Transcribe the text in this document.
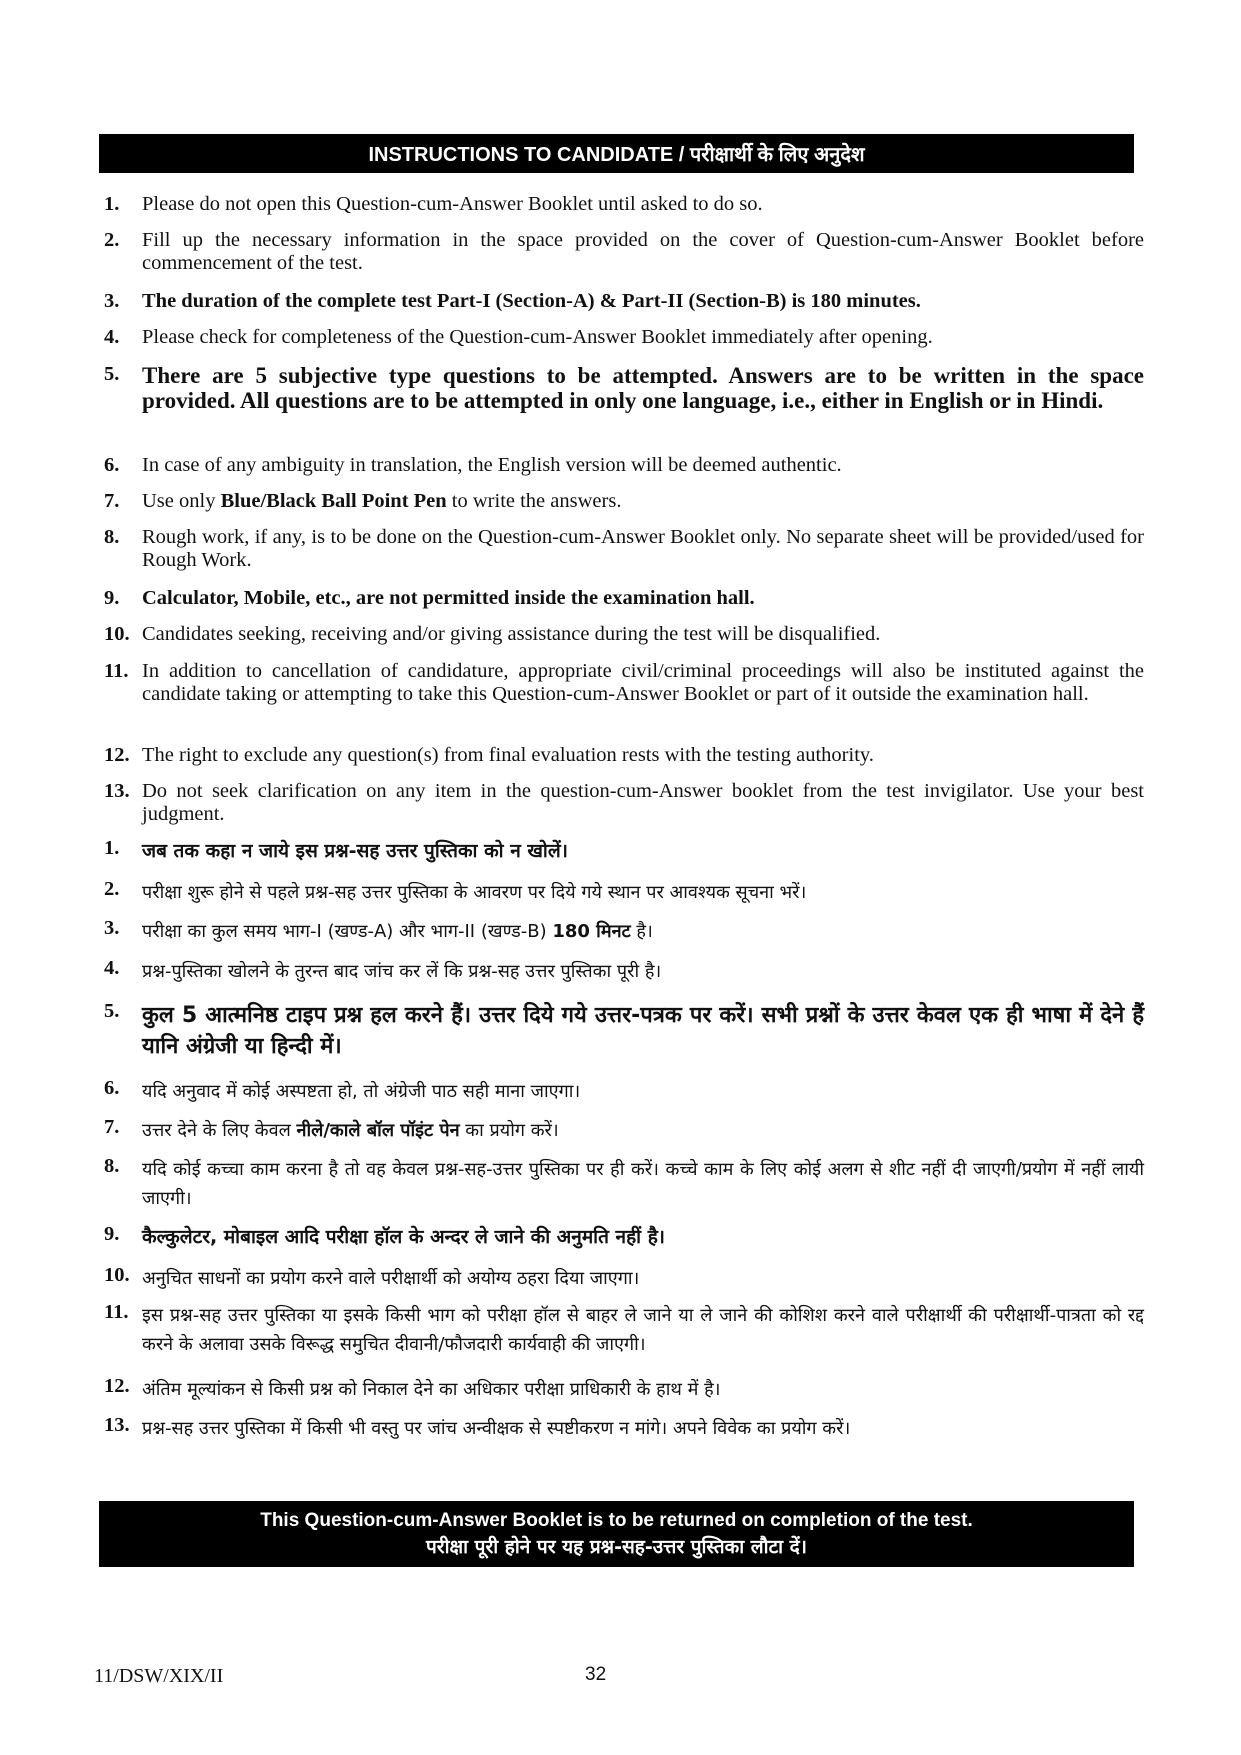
INSTRUCTIONS TO CANDIDATE / परीक्षार्थी के लिए अनुदेश
1.	Please do not open this Question-cum-Answer Booklet until asked to do so.
2.	Fill up the necessary information in the space provided on the cover of Question-cum-Answer Booklet before commencement of the test.
3.	The duration of the complete test Part-I (Section-A) & Part-II (Section-B) is 180 minutes.
4.	Please check for completeness of the Question-cum-Answer Booklet immediately after opening.
5. There are 5 subjective type questions to be attempted. Answers are to be written in the space provided. All questions are to be attempted in only one language, i.e., either in English or in Hindi.
6.	In case of any ambiguity in translation, the English version will be deemed authentic.
7.	Use only Blue/Black Ball Point Pen to write the answers.
8.	Rough work, if any, is to be done on the Question-cum-Answer Booklet only. No separate sheet will be provided/used for Rough Work.
9.	Calculator, Mobile, etc., are not permitted inside the examination hall.
10. Candidates seeking, receiving and/or giving assistance during the test will be disqualified.
11. In addition to cancellation of candidature, appropriate civil/criminal proceedings will also be instituted against the candidate taking or attempting to take this Question-cum-Answer Booklet or part of it outside the examination hall.
12. The right to exclude any question(s) from final evaluation rests with the testing authority.
13. Do not seek clarification on any item in the question-cum-Answer booklet from the test invigilator. Use your best judgment.
1.	जब तक कहा न जाये इस प्रश्न-सह उत्तर पुस्तिका को न खोलें।
2.	परीक्षा शुरू होने से पहले प्रश्न-सह उत्तर पुस्तिका के आवरण पर दिये गये स्थान पर आवश्यक सूचना भरें।
3.	परीक्षा का कुल समय भाग-I (खण्ड-A) और भाग-II (खण्ड-B) 180 मिनट है।
4.	प्रश्न-पुस्तिका खोलने के तुरन्त बाद जांच कर लें कि प्रश्न-सह उत्तर पुस्तिका पूरी है।
5.	कुल 5 आत्मनिष्ठ टाइप प्रश्न हल करने हैं। उत्तर दिये गये उत्तर-पत्रक पर करें। सभी प्रश्नों के उत्तर केवल एक ही भाषा में देने हैं यानि अंग्रेजी या हिन्दी में।
6.	यदि अनुवाद में कोई अस्पष्टता हो, तो अंग्रेजी पाठ सही माना जाएगा।
7.	उत्तर देने के लिए केवल नीले/काले बॉल पॉइंट पेन का प्रयोग करें।
8.	यदि कोई कच्चा काम करना है तो वह केवल प्रश्न-सह-उत्तर पुस्तिका पर ही करें। कच्चे काम के लिए कोई अलग से शीट नहीं दी जाएगी/प्रयोग में नहीं लायी जाएगी।
9.	कैल्कुलेटर, मोबाइल आदि परीक्षा हॉल के अन्दर ले जाने की अनुमति नहीं है।
10. अनुचित साधनों का प्रयोग करने वाले परीक्षार्थी को अयोग्य ठहरा दिया जाएगा।
11. इस प्रश्न-सह उत्तर पुस्तिका या इसके किसी भाग को परीक्षा हॉल से बाहर ले जाने या ले जाने की कोशिश करने वाले परीक्षार्थी की परीक्षार्थी-पात्रता को रद्द करने के अलावा उसके विरूद्ध समुचित दीवानी/फौजदारी कार्यवाही की जाएगी।
12. अंतिम मूल्यांकन से किसी प्रश्न को निकाल देने का अधिकार परीक्षा प्राधिकारी के हाथ में है।
13. प्रश्न-सह उत्तर पुस्तिका में किसी भी वस्तु पर जांच अन्वीक्षक से स्पष्टीकरण न मांगे। अपने विवेक का प्रयोग करें।
This Question-cum-Answer Booklet is to be returned on completion of the test.
परीक्षा पूरी होने पर यह प्रश्न-सह-उत्तर पुस्तिका लौटा दें।
11/DSW/XIX/II	32
